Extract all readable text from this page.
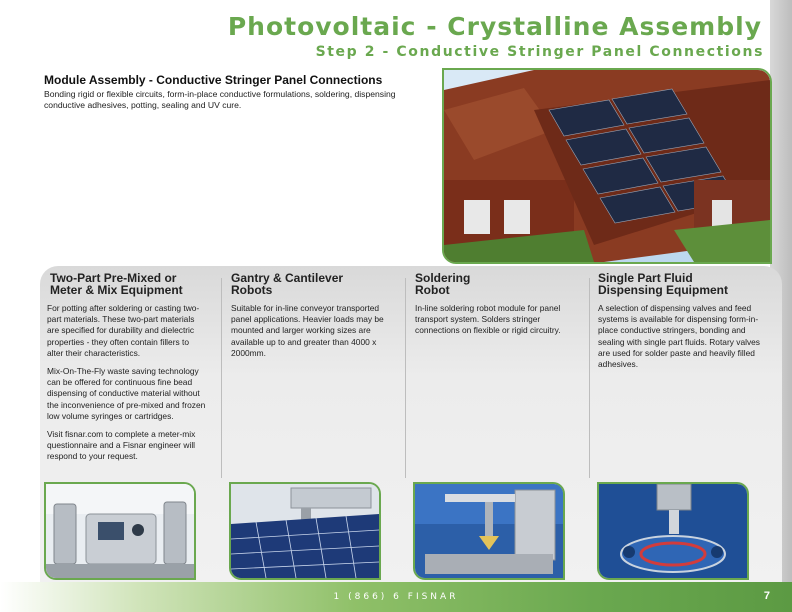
Photovoltaic - Crystalline Assembly
Step 2 - Conductive Stringer Panel Connections
Module Assembly - Conductive Stringer Panel Connections
Bonding rigid or flexible circuits, form-in-place conductive formulations, soldering, dispensing conductive adhesives, potting, sealing and UV cure.
Two-Part Pre-Mixed or
Meter & Mix Equipment

For potting after soldering or casting two-part materials. These two-part materials are specified for durability and dielectric properties - they often contain fillers to alter their characteristics.

Mix-On-The-Fly waste saving technology can be offered for continuous fine bead dispensing of conductive material without the inconvenience of pre-mixed and frozen low volume syringes or cartridges.

Visit fisnar.com to complete a meter-mix questionnaire and a Fisnar engineer will respond to your request.

Gantry & Cantilever
Robots

Suitable for in-line conveyor transported panel applications. Heavier loads may be mounted and larger working sizes are available up to and greater than 4000 x 2000mm.

Soldering
Robot

In-line soldering robot module for panel transport system. Solders stringer connections on flexible or rigid circuitry.

Single Part Fluid
Dispensing Equipment

A selection of dispensing valves and feed systems is available for dispensing form-in-place conductive stringers, bonding and sealing with single part fluids. Rotary valves are used for solder paste and heavily filled adhesives.

1 (866) 6 FISNAR	7
